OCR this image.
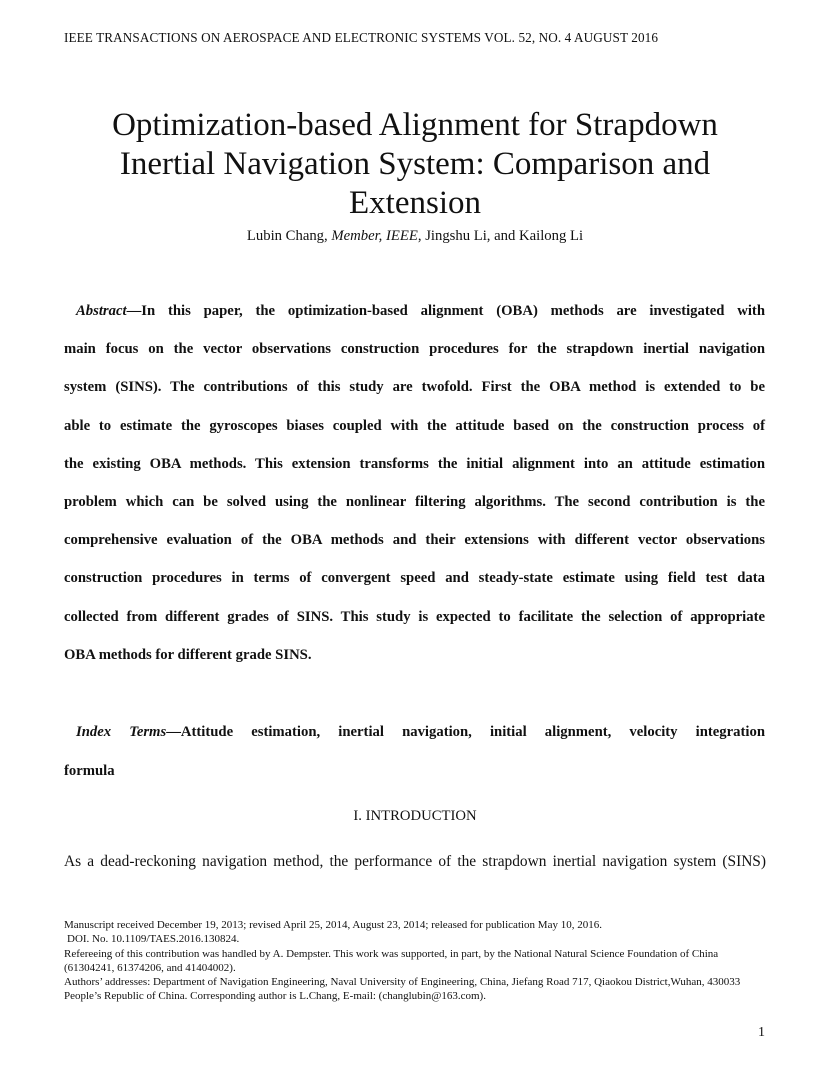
IEEE TRANSACTIONS ON AEROSPACE AND ELECTRONIC SYSTEMS VOL. 52, NO. 4 AUGUST 2016
Optimization-based Alignment for Strapdown
Inertial Navigation System: Comparison and
Extension
Lubin Chang, Member, IEEE, Jingshu Li, and Kailong Li
Abstract—In this paper, the optimization-based alignment (OBA) methods are investigated with
main focus on the vector observations construction procedures for the strapdown inertial navigation
system (SINS). The contributions of this study are twofold. First the OBA method is extended to be
able to estimate the gyroscopes biases coupled with the attitude based on the construction process of
the existing OBA methods. This extension transforms the initial alignment into an attitude estimation
problem which can be solved using the nonlinear filtering algorithms. The second contribution is the
comprehensive evaluation of the OBA methods and their extensions with different vector observations
construction procedures in terms of convergent speed and steady-state estimate using field test data
collected from different grades of SINS. This study is expected to facilitate the selection of appropriate
OBA methods for different grade SINS.
Index Terms—Attitude estimation, inertial navigation, initial alignment, velocity integration
formula
I. INTRODUCTION
As a dead-reckoning navigation method, the performance of the strapdown inertial navigation system (SINS)
Manuscript received December 19, 2013; revised April 25, 2014, August 23, 2014; released for publication May 10, 2016.
DOI. No. 10.1109/TAES.2016.130824.
Refereeing of this contribution was handled by A. Dempster. This work was supported, in part, by the National Natural Science Foundation of China (61304241, 61374206, and 41404002).
Authors’ addresses: Department of Navigation Engineering, Naval University of Engineering, China, Jiefang Road 717, Qiaokou District,Wuhan, 430033 People’s Republic of China. Corresponding author is L.Chang, E-mail: (changlubin@163.com).
1
